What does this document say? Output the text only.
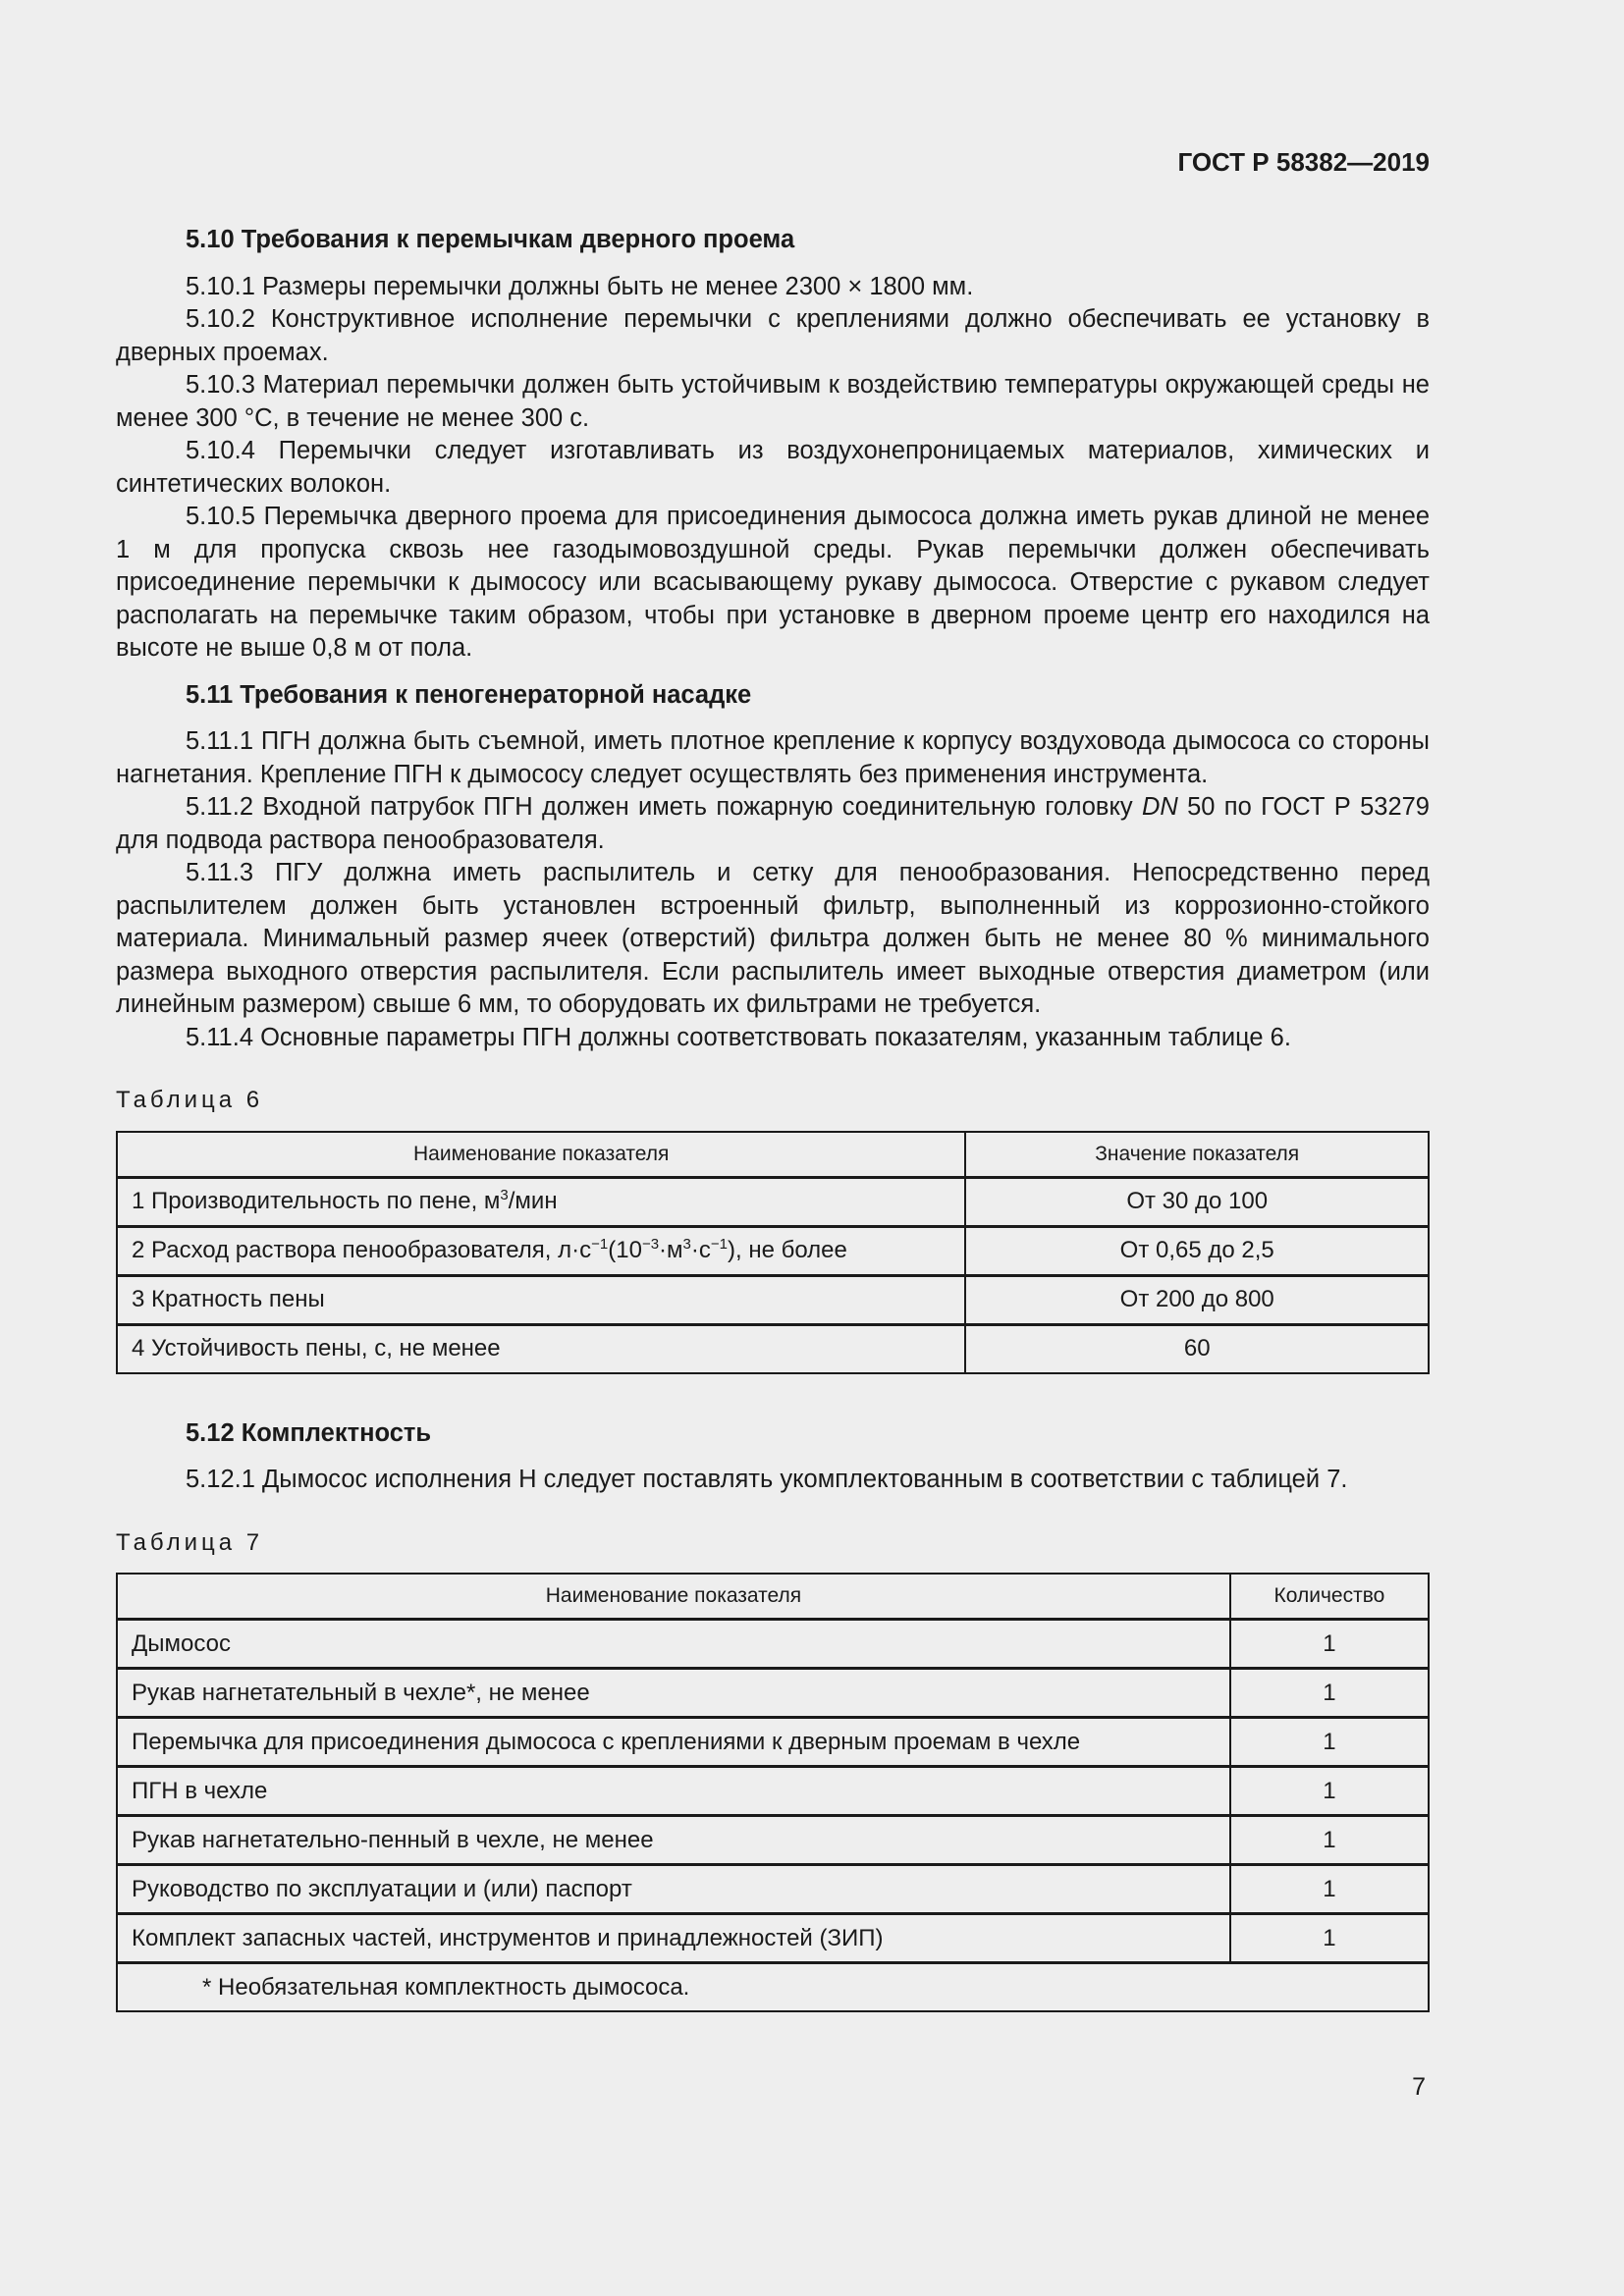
ГОСТ Р 58382—2019
5.10 Требования к перемычкам дверного проема

5.10.1 Размеры перемычки должны быть не менее 2300 × 1800 мм.

5.10.2 Конструктивное исполнение перемычки с креплениями должно обеспечивать ее установку в дверных проемах.

5.10.3 Материал перемычки должен быть устойчивым к воздействию температуры окружающей среды не менее 300 °С, в течение не менее 300 с.

5.10.4 Перемычки следует изготавливать из воздухонепроницаемых материалов, химических и синтетических волокон.

5.10.5 Перемычка дверного проема для присоединения дымососа должна иметь рукав длиной не менее 1 м для пропуска сквозь нее газодымовоздушной среды. Рукав перемычки должен обеспечивать присоединение перемычки к дымососу или всасывающему рукаву дымососа. Отверстие с рукавом следует располагать на перемычке таким образом, чтобы при установке в дверном проеме центр его находился на высоте не выше 0,8 м от пола.

5.11 Требования к пеногенераторной насадке

5.11.1 ПГН должна быть съемной, иметь плотное крепление к корпусу воздуховода дымососа со стороны нагнетания. Крепление ПГН к дымососу следует осуществлять без применения инструмента.

5.11.2 Входной патрубок ПГН должен иметь пожарную соединительную головку DN 50 по ГОСТ Р 53279 для подвода раствора пенообразователя.

5.11.3 ПГУ должна иметь распылитель и сетку для пенообразования. Непосредственно перед распылителем должен быть установлен встроенный фильтр, выполненный из коррозионно-стойкого материала. Минимальный размер ячеек (отверстий) фильтра должен быть не менее 80 % минимального размера выходного отверстия распылителя. Если распылитель имеет выходные отверстия диаметром (или линейным размером) свыше 6 мм, то оборудовать их фильтрами не требуется.

5.11.4 Основные параметры ПГН должны соответствовать показателям, указанным таблице 6.

Таблица 6
Наименование показателя	Значение показателя
1 Производительность по пене, $м^3$/мин	От 30 до 100
2 Расход раствора пенообразователя, $л\cdot с^{-1}(10^{-3}\cdot м^3\cdot с^{-1})$, не более	От 0,65 до 2,5
3 Кратность пены	От 200 до 800
4 Устойчивость пены, с, не менее	60
5.12 Комплектность

5.12.1 Дымосос исполнения Н следует поставлять укомплектованным в соответствии с таблицей 7.

Таблица 7
Наименование показателя	Количество
Дымосос	1
Рукав нагнетательный в чехле*, не менее	1
Перемычка для присоединения дымососа с креплениями к дверным проемам в чехле	1
ПГН в чехле	1
Рукав нагнетательно-пенный в чехле, не менее	1
Руководство по эксплуатации и (или) паспорт	1
Комплект запасных частей, инструментов и принадлежностей (ЗИП)	1
* Необязательная комплектность дымососа.	
7
